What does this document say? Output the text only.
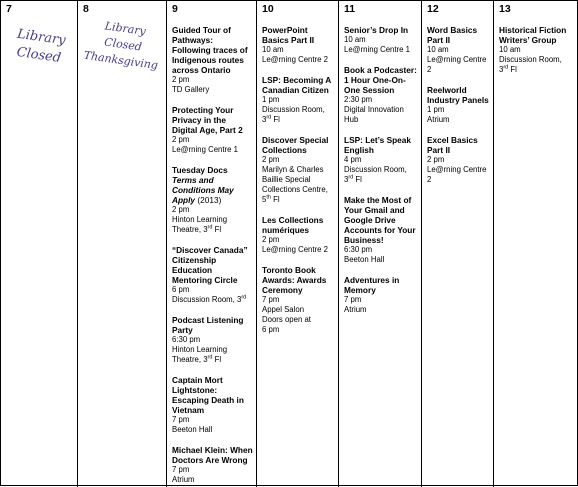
7
Library
Closed
8
Library
Closed
Thanksgiving
9
Guided Tour of Pathways: Following traces of Indigenous routes across Ontario
2 pm
TD Gallery
Protecting Your Privacy in the Digital Age, Part 2
2 pm
Le@rning Centre 1
Tuesday Docs
Terms and Conditions May Apply (2013)
2 pm
Hinton Learning
Theatre, 3rd Fl
“Discover Canada” Citizenship Education Mentoring Circle
6 pm
Discussion Room, 3rd
Podcast Listening Party
6:30 pm
Hinton Learning
Theatre, 3rd Fl
Captain Mort Lightstone: Escaping Death in Vietnam
7 pm
Beeton Hall
Michael Klein: When Doctors Are Wrong
7 pm
Atrium
10
PowerPoint Basics Part II
10 am
Le@rning Centre 2
LSP: Becoming A Canadian Citizen
1 pm
Discussion Room,
3rd Fl
Discover Special Collections
2 pm
Marilyn & Charles Baillie Special Collections Centre, 5th Fl
Les Collections numériques
2 pm
Le@rning Centre 2
Toronto Book Awards: Awards Ceremony
7 pm
Appel Salon
Doors open at
6 pm
11
Senior’s Drop In
10 am
Le@rning Centre 1
Book a Podcaster: 1 Hour One-On-One Session
2:30 pm
Digital Innovation Hub
LSP: Let’s Speak English
4 pm
Discussion Room,
3rd Fl
Make the Most of Your Gmail and Google Drive Accounts for Your Business!
6:30 pm
Beeton Hall
Adventures in Memory
7 pm
Atrium
12
Word Basics Part II
10 am
Le@rning Centre 2
Reelworld Industry Panels
1 pm
Atrium
Excel Basics Part II
2 pm
Le@rning Centre 2
13
Historical Fiction Writers’ Group
10 am
Discussion Room,
3rd Fl
